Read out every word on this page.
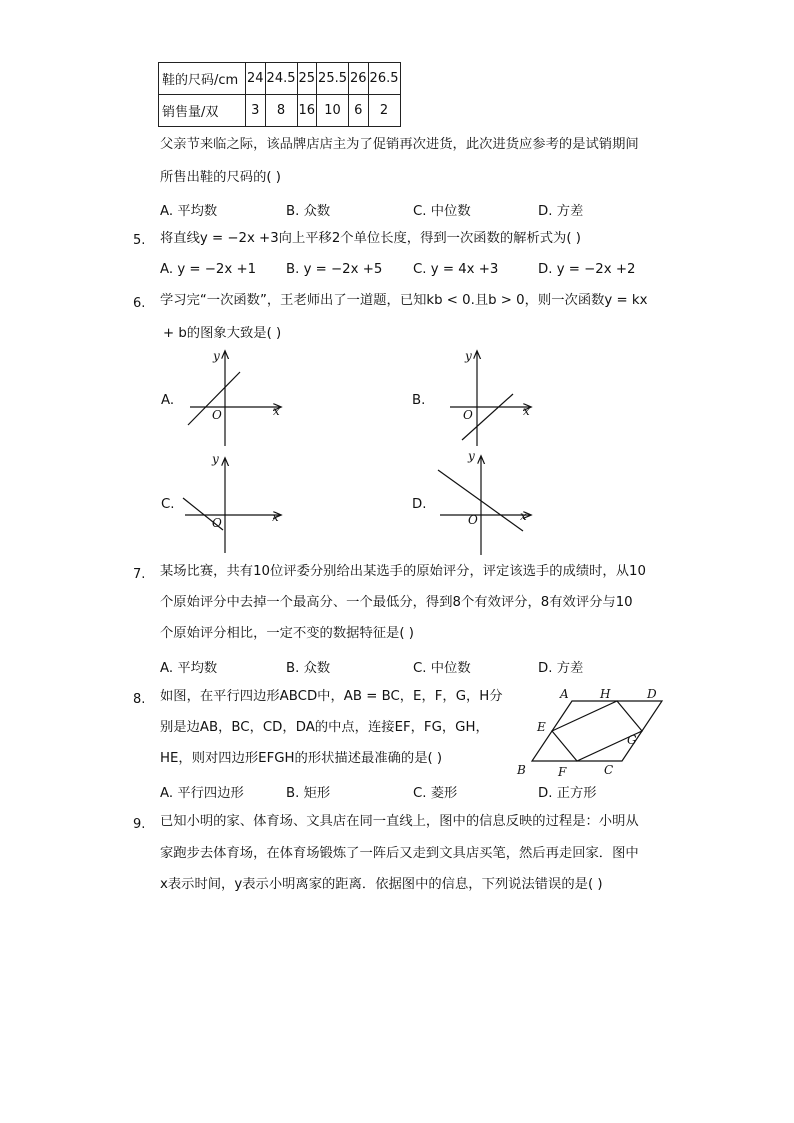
鞋的尺码/cm	24	24.5	25	25.5	26	26.5
销售量/双	3	8	16	10	6	2
父亲节来临之际，该品牌店店主为了促销再次进货，此次进货应参考的是试销期间
所售出鞋的尺码的( )
A. 平均数	B. 众数	C. 中位数	D. 方差
5. 将直线y = −2x +3向上平移2个单位长度，得到一次函数的解析式为( )
A. y = −2x +1 B. y = −2x +5 C. y = 4x +3	D. y = −2x +2
6. 学习完“一次函数”，王老师出了一道题，已知kb < 0.且b > 0，则一次函数y = kx
+ b的图象大致是( )
A.	B.
C.	D.
y
x
O
y
x
O
y
x
O
y
x
O
7. 某场比赛，共有10位评委分别给出某选手的原始评分，评定该选手的成绩时，从10
个原始评分中去掉一个最高分、一个最低分，得到8个有效评分，8有效评分与10
个原始评分相比，一定不变的数据特征是( )
A. 平均数	B. 众数	C. 中位数	D. 方差
8. 如图，在平行四边形ABCD中，AB = BC，E，F，G，H分
别是边AB，BC，CD，DA的中点，连接EF，FG，GH，
HE，则对四边形EFGH的形状描述最准确的是( )
A. 平行四边形	B. 矩形	C. 菱形	D. 正方形
A	H	D
E
G
B	F	C
9. 已知小明的家、体育场、文具店在同一直线上，图中的信息反映的过程是：小明从
家跑步去体育场，在体育场锻炼了一阵后又走到文具店买笔，然后再走回家．图中
x表示时间，y表示小明离家的距离．依据图中的信息，下列说法错误的是( )
